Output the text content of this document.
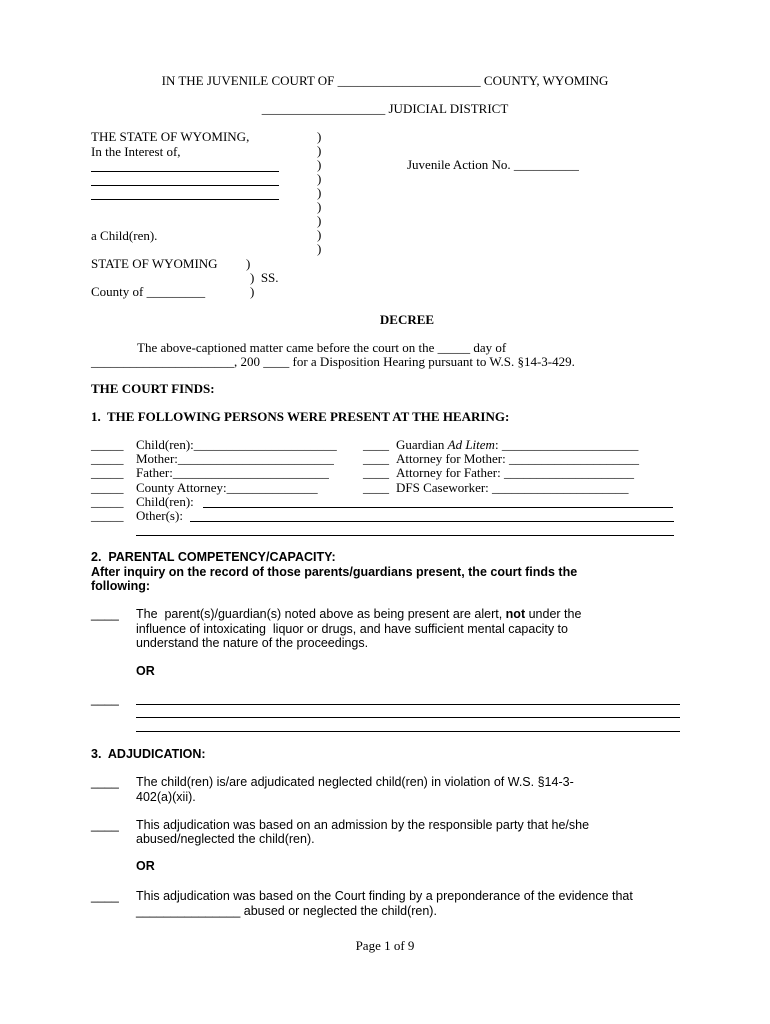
IN THE JUVENILE COURT OF ______________________ COUNTY, WYOMING
___________________ JUDICIAL DISTRICT
THE STATE OF WYOMING,
In the Interest of,
a Child(ren).
)
)
)
)
)
)
)
)
)
Juvenile Action No. __________
STATE OF WYOMING )
)  SS.
County of _________	)
DECREE
The above-captioned matter came before the court on the _____ day of
______________________, 200 ____ for a Disposition Hearing pursuant to W.S. §14-3-429.
THE COURT FINDS:
1.  THE FOLLOWING PERSONS WERE PRESENT AT THE HEARING:
_____ Child(ren):______________________
_____ Mother:________________________
_____ Father:________________________
_____ County Attorney:______________
_____ Child(ren):
_____ Other(s):
____ Guardian Ad Litem: _____________________
____ Attorney for Mother: ____________________
____ Attorney for Father: ____________________
____ DFS Caseworker: _____________________
2.  PARENTAL COMPETENCY/CAPACITY:
After inquiry on the record of those parents/guardians present, the court finds the
following:
____ The  parent(s)/guardian(s) noted above as being present are alert, not under the
influence of intoxicating  liquor or drugs, and have sufficient mental capacity to
understand the nature of the proceedings.
OR
____
3.  ADJUDICATION:
____ The child(ren) is/are adjudicated neglected child(ren) in violation of W.S. §14-3-
402(a)(xii).
____ This adjudication was based on an admission by the responsible party that he/she
abused/neglected the child(ren).
OR
____ This adjudication was based on the Court finding by a preponderance of the evidence that
_______________ abused or neglected the child(ren).
Page 1 of 9
